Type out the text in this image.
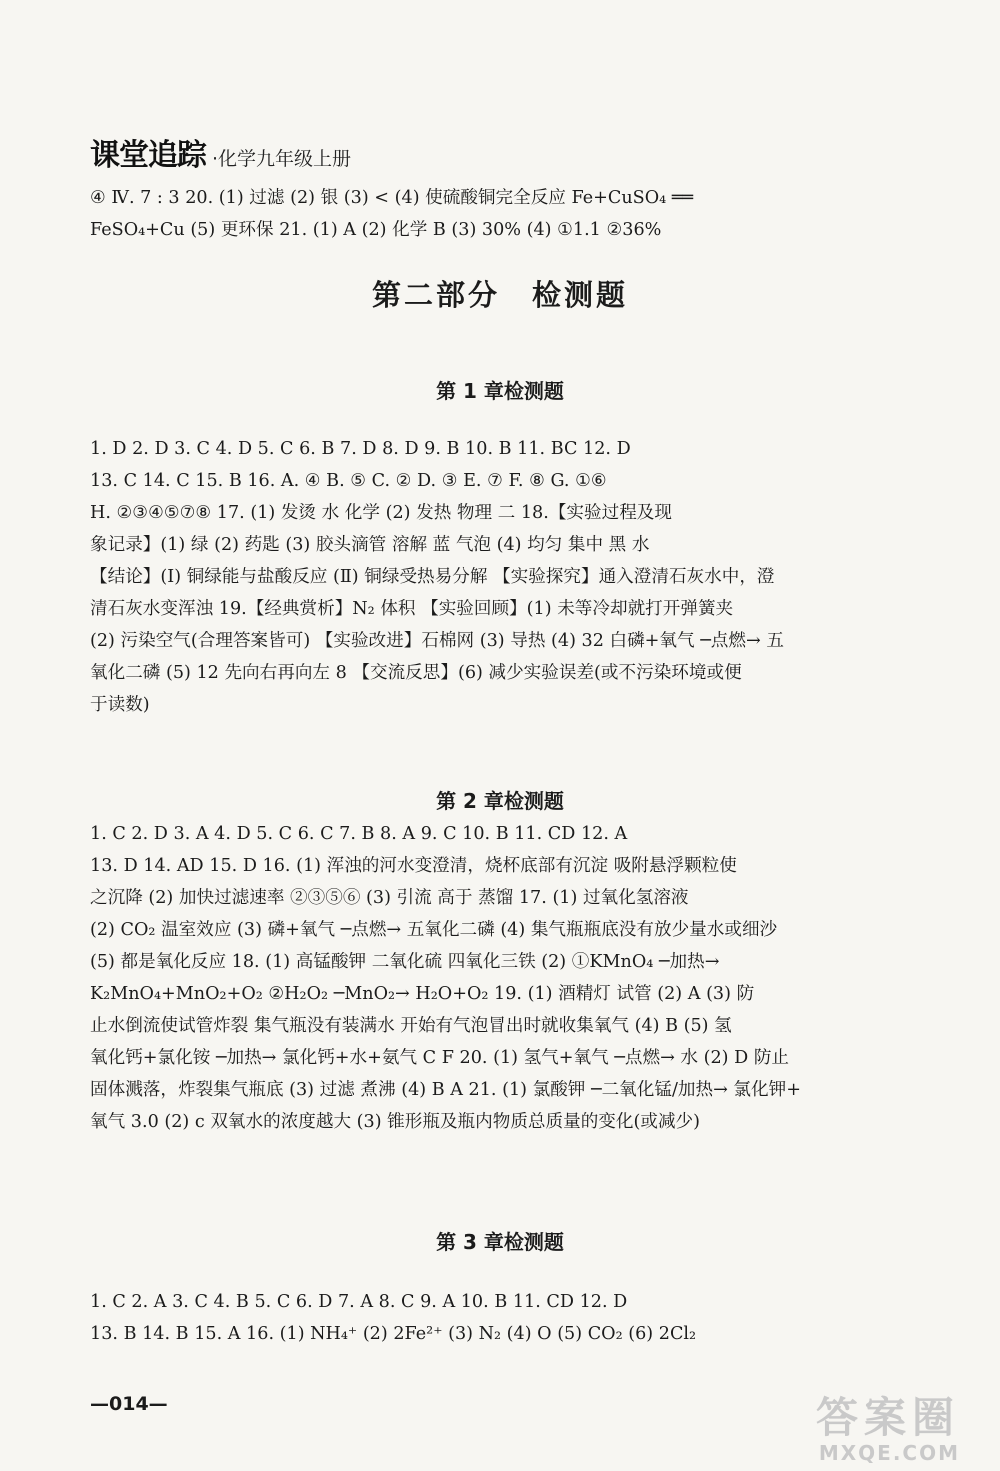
课堂追踪 ·化学九年级上册
④ Ⅳ. 7 : 3 20. (1) 过滤 (2) 银 (3) < (4) 使硫酸铜完全反应 Fe+CuSO₄ ══
FeSO₄+Cu (5) 更环保 21. (1) A (2) 化学 B (3) 30% (4) ①1.1 ②36%
第二部分　检测题
第 1 章检测题
1. D 2. D 3. C 4. D 5. C 6. B 7. D 8. D 9. B 10. B 11. BC 12. D
13. C 14. C 15. B 16. A. ④ B. ⑤ C. ② D. ③ E. ⑦ F. ⑧ G. ①⑥
H. ②③④⑤⑦⑧ 17. (1) 发烫 水 化学 (2) 发热 物理 二 18.【实验过程及现
象记录】(1) 绿 (2) 药匙 (3) 胶头滴管 溶解 蓝 气泡 (4) 均匀 集中 黑 水
【结论】(Ⅰ) 铜绿能与盐酸反应 (Ⅱ) 铜绿受热易分解 【实验探究】通入澄清石灰水中，澄
清石灰水变浑浊 19.【经典赏析】N₂ 体积 【实验回顾】(1) 未等冷却就打开弹簧夹
(2) 污染空气(合理答案皆可) 【实验改进】石棉网 (3) 导热 (4) 32 白磷+氧气 ─点燃→ 五
氧化二磷 (5) 12 先向右再向左 8 【交流反思】(6) 减少实验误差(或不污染环境或便
于读数)
第 2 章检测题
1. C 2. D 3. A 4. D 5. C 6. C 7. B 8. A 9. C 10. B 11. CD 12. A
13. D 14. AD 15. D 16. (1) 浑浊的河水变澄清，烧杯底部有沉淀 吸附悬浮颗粒使
之沉降 (2) 加快过滤速率 ②③⑤⑥ (3) 引流 高于 蒸馏 17. (1) 过氧化氢溶液
(2) CO₂ 温室效应 (3) 磷+氧气 ─点燃→ 五氧化二磷 (4) 集气瓶瓶底没有放少量水或细沙
(5) 都是氧化反应 18. (1) 高锰酸钾 二氧化硫 四氧化三铁 (2) ①KMnO₄ ─加热→
K₂MnO₄+MnO₂+O₂ ②H₂O₂ ─MnO₂→ H₂O+O₂ 19. (1) 酒精灯 试管 (2) A (3) 防
止水倒流使试管炸裂 集气瓶没有装满水 开始有气泡冒出时就收集氧气 (4) B (5) 氢
氧化钙+氯化铵 ─加热→ 氯化钙+水+氨气 C F 20. (1) 氢气+氧气 ─点燃→ 水 (2) D 防止
固体溅落，炸裂集气瓶底 (3) 过滤 煮沸 (4) B A 21. (1) 氯酸钾 ─二氧化锰/加热→ 氯化钾+
氧气 3.0 (2) c 双氧水的浓度越大 (3) 锥形瓶及瓶内物质总质量的变化(或减少)
第 3 章检测题
1. C 2. A 3. C 4. B 5. C 6. D 7. A 8. C 9. A 10. B 11. CD 12. D
13. B 14. B 15. A 16. (1) NH₄⁺ (2) 2Fe²⁺ (3) N₂ (4) O (5) CO₂ (6) 2Cl₂
—014—	答案圈
MXQE.COM
